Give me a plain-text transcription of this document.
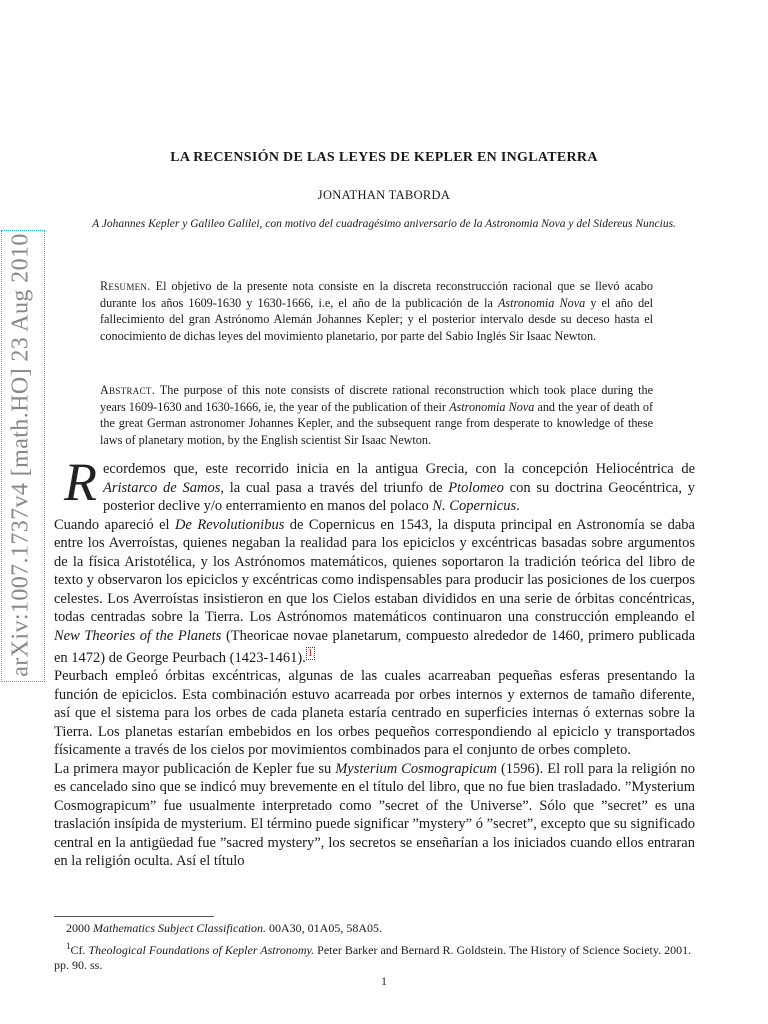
arXiv:1007.1737v4 [math.HO] 23 Aug 2010
LA RECENSIÓN DE LAS LEYES DE KEPLER EN INGLATERRA
JONATHAN TABORDA
A Johannes Kepler y Galileo Galilei, con motivo del cuadragésimo aniversario de la Astronomia Nova y del Sidereus Nuncius.
Resumen. El objetivo de la presente nota consiste en la discreta reconstrucción racional que se llevó acabo durante los años 1609-1630 y 1630-1666, i.e, el año de la publicación de la Astronomia Nova y el año del fallecimiento del gran Astrónomo Alemán Johannes Kepler; y el posterior intervalo desde su deceso hasta el conocimiento de dichas leyes del movimiento planetario, por parte del Sabio Inglés Sir Isaac Newton.
Abstract. The purpose of this note consists of discrete rational reconstruction which took place during the years 1609-1630 and 1630-1666, ie, the year of the publication of their Astronomia Nova and the year of death of the great German astronomer Johannes Kepler, and the subsequent range from desperate to knowledge of these laws of planetary motion, by the English scientist Sir Isaac Newton.

Recordemos que, este recorrido inicia en la antigua Grecia, con la concepción Heliocéntrica de Aristarco de Samos, la cual pasa a través del triunfo de Ptolomeo con su doctrina Geocéntrica, y posterior declive y/o enterramiento en manos del polaco N. Copernicus.

Cuando apareció el De Revolutionibus de Copernicus en 1543, la disputa principal en Astronomía se daba entre los Averroístas, quienes negaban la realidad para los epiciclos y excéntricas basadas sobre argumentos de la física Aristotélica, y los Astrónomos matemáticos, quienes soportaron la tradición teórica del libro de texto y observaron los epiciclos y excéntricas como indispensables para producir las posiciones de los cuerpos celestes. Los Averroístas insistieron en que los Cielos estaban divididos en una serie de órbitas concéntricas, todas centradas sobre la Tierra. Los Astrónomos matemáticos continuaron una construcción empleando el New Theories of the Planets (Theoricae novae planetarum, compuesto alrededor de 1460, primero publicada en 1472) de George Peurbach (1423-1461). $^1$

Peurbach empleó órbitas excéntricas, algunas de las cuales acarreaban pequeñas esferas presentando la función de epiciclos. Esta combinación estuvo acarreada por orbes internos y externos de tamaño diferente, así que el sistema para los orbes de cada planeta estaría centrado en superficies internas ó externas sobre la Tierra. Los planetas estarían embebidos en los orbes pequeños correspondiendo al epiciclo y transportados físicamente a través de los cielos por movimientos combinados para el conjunto de orbes completo.

La primera mayor publicación de Kepler fue su Mysterium Cosmograpicum (1596). El roll para la religión no es cancelado sino que se indicó muy brevemente en el título del libro, que no fue bien trasladado. ”Mysterium Cosmograpicum” fue usualmente interpretado como ”secret of the Universe”. Sólo que ”secret” es una traslación insípida de mysterium. El término puede significar ”mystery” ó ”secret”, excepto que su significado central en la antigüedad fue ”sacred mystery”, los secretos se enseñarían a los iniciados cuando ellos entraran en la religión oculta. Así el título

2000 Mathematics Subject Classification. 00A30, 01A05, 58A05.

$^1$Cf. Theological Foundations of Kepler Astronomy. Peter Barker and Bernard R. Goldstein. The History of Science Society. 2001. pp. 90. ss.

1
